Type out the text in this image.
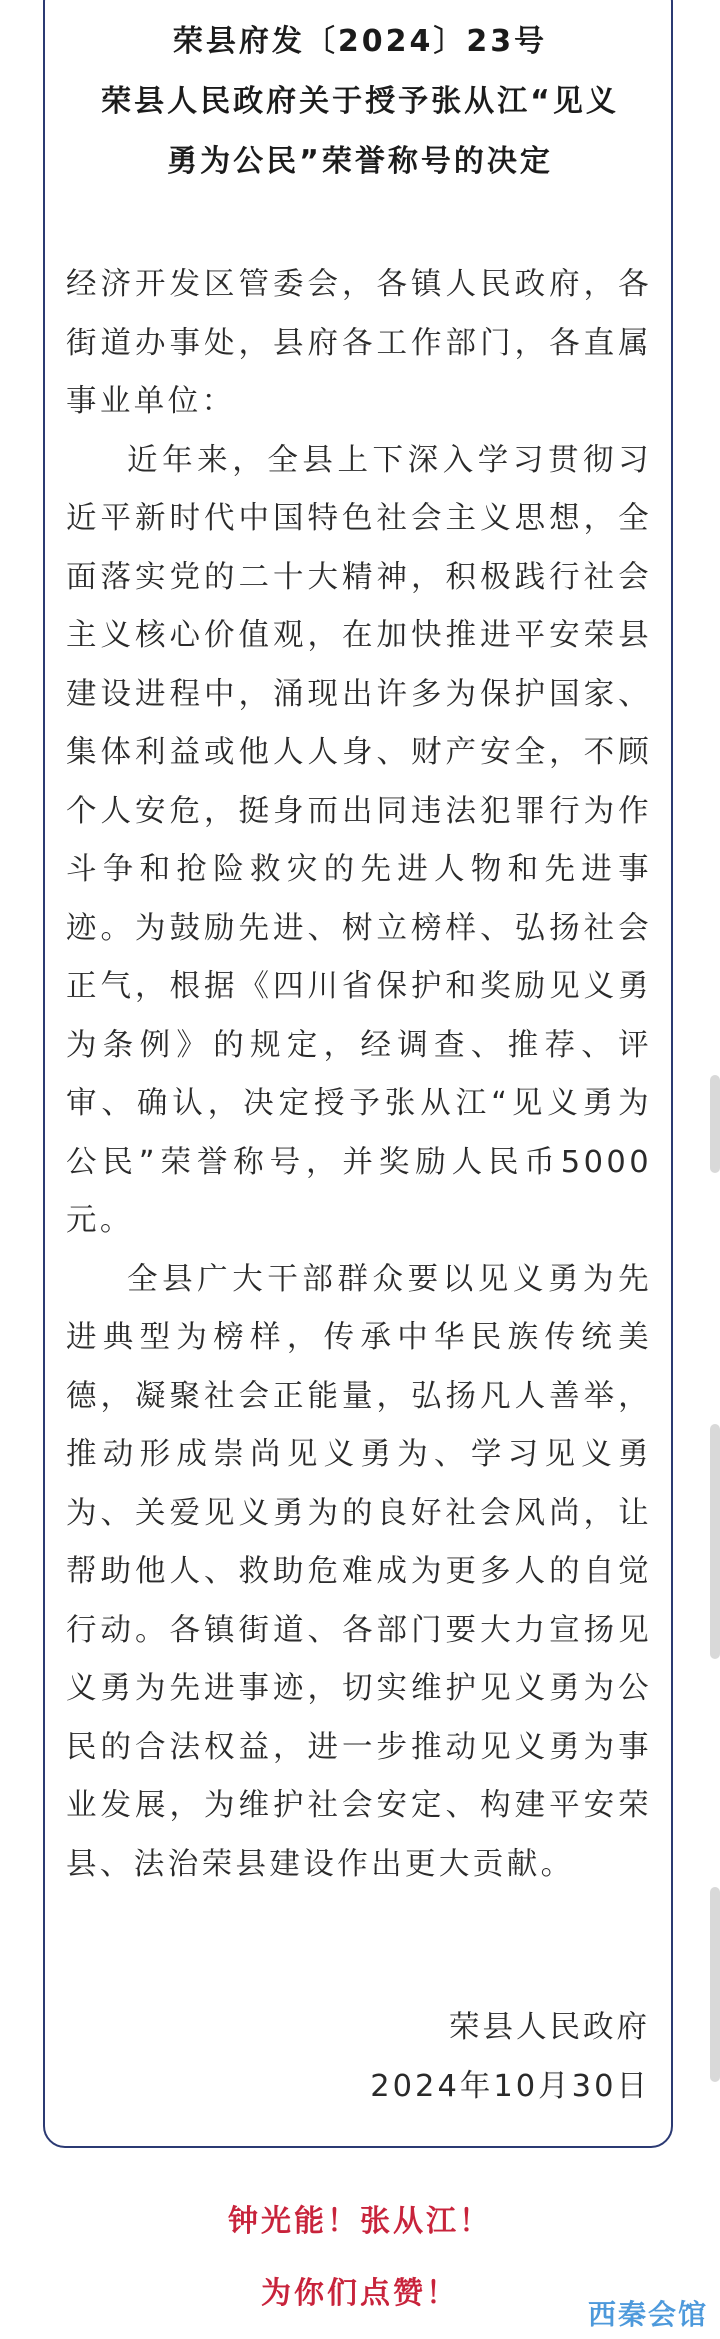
荣县府发〔2024〕23号
荣县人民政府关于授予张从江“见义
勇为公民”荣誉称号的决定

经济开发区管委会，各镇人民政府，各街道办事处，县府各工作部门，各直属事业单位：

近年来，全县上下深入学习贯彻习近平新时代中国特色社会主义思想，全面落实党的二十大精神，积极践行社会主义核心价值观，在加快推进平安荣县建设进程中，涌现出许多为保护国家、集体利益或他人人身、财产安全，不顾个人安危，挺身而出同违法犯罪行为作斗争和抢险救灾的先进人物和先进事迹。为鼓励先进、树立榜样、弘扬社会正气，根据《四川省保护和奖励见义勇为条例》的规定，经调查、推荐、评审、确认，决定授予张从江“见义勇为公民”荣誉称号，并奖励人民币5000元。

全县广大干部群众要以见义勇为先进典型为榜样，传承中华民族传统美德，凝聚社会正能量，弘扬凡人善举，推动形成崇尚见义勇为、学习见义勇为、关爱见义勇为的良好社会风尚，让帮助他人、救助危难成为更多人的自觉行动。各镇街道、各部门要大力宣扬见义勇为先进事迹，切实维护见义勇为公民的合法权益，进一步推动见义勇为事业发展，为维护社会安定、构建平安荣县、法治荣县建设作出更大贡献。

荣县人民政府
2024年10月30日
钟光能！张从江！
为你们点赞！
西秦会馆
